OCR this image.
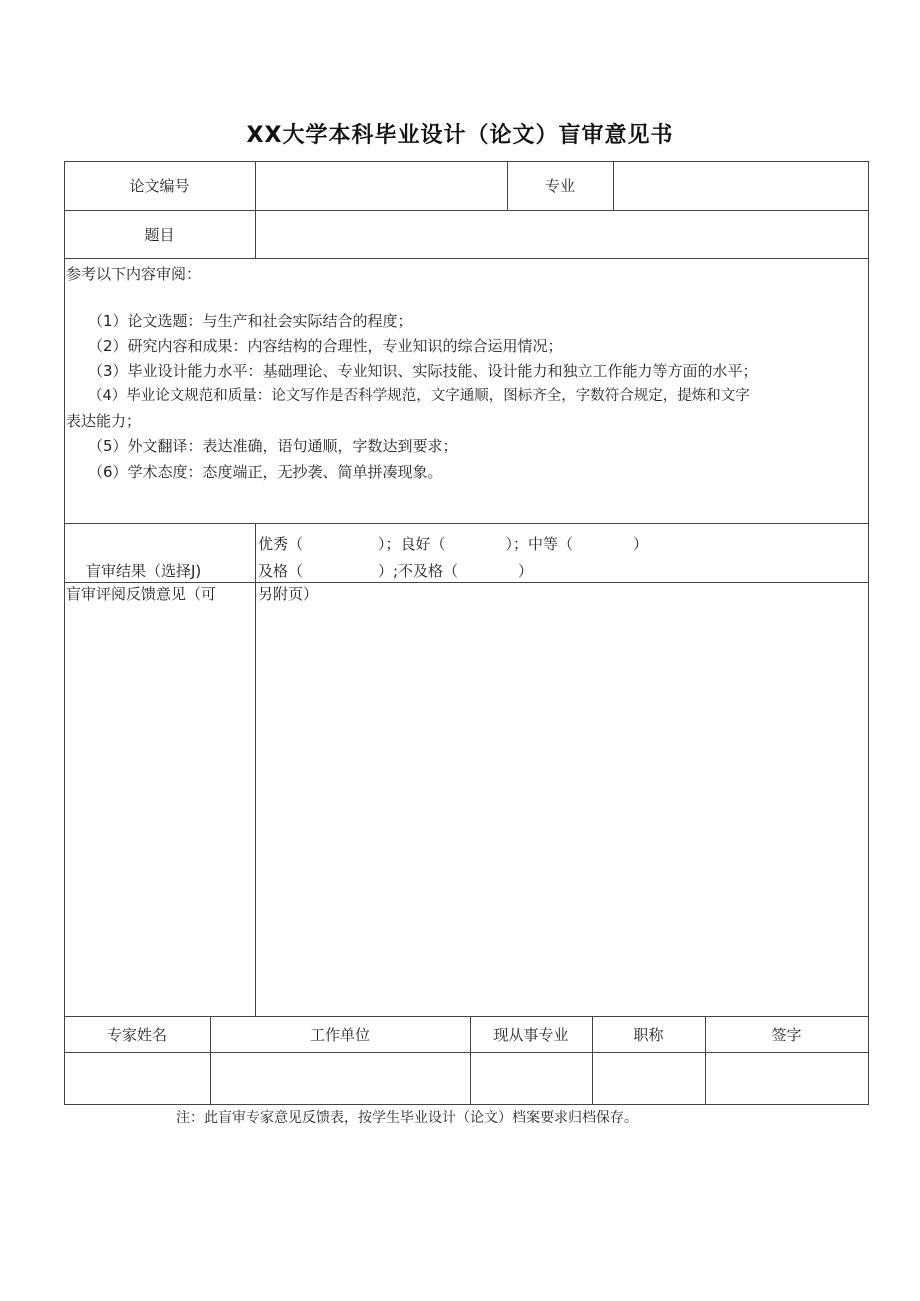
XX大学本科毕业设计（论文）盲审意见书
论文编号	专业
题目
参考以下内容审阅：
（1）论文选题：与生产和社会实际结合的程度；
（2）研究内容和成果：内容结构的合理性，专业知识的综合运用情况；
（3）毕业设计能力水平：基础理论、专业知识、实际技能、设计能力和独立工作能力等方面的水平；
（4）毕业论文规范和质量：论文写作是否科学规范，文字通顺，图标齐全，字数符合规定，提炼和文字
表达能力；
（5）外文翻译：表达准确，语句通顺，字数达到要求；
（6）学术态度：态度端正，无抄袭、简单拼凑现象。
盲审结果（选择J)
优秀（　　　　　）；良好（　　　　）；中等（　　　　）
及格（　　　　　）;不及格（　　　　）
盲审评阅反馈意见（可	另附页）
专家姓名	工作单位	现从事专业	职称	签字
注：此盲审专家意见反馈表，按学生毕业设计（论文）档案要求归档保存。
